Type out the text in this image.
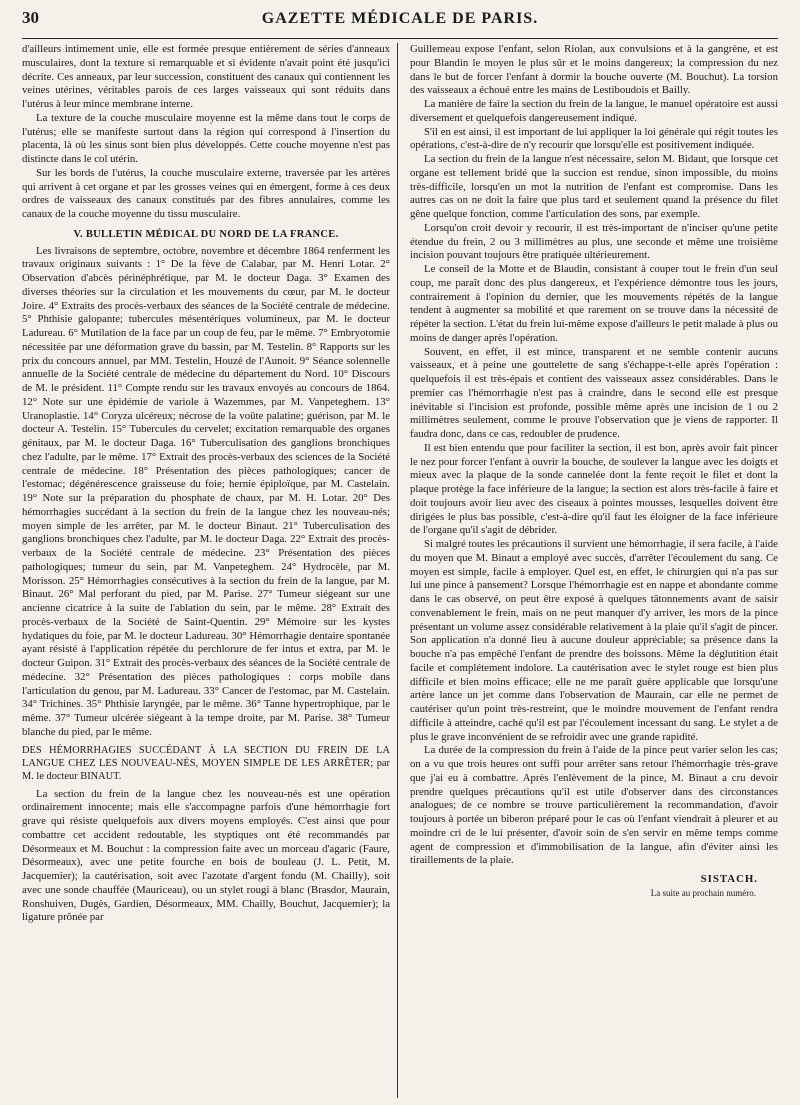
30	GAZETTE MÉDICALE DE PARIS.

d'ailleurs intimement unie, elle est formée presque entièrement de séries d'anneaux musculaires, dont la texture si remarquable et si évidente n'avait point été jusqu'ici décrite. Ces anneaux, par leur succession, constituent des canaux qui contiennent les veines utérines, véritables parois de ces larges vaisseaux qui sont réduits dans l'utérus à leur mince membrane interne.

La texture de la couche musculaire moyenne est la même dans tout le corps de l'utérus; elle se manifeste surtout dans la région qui correspond à l'insertion du placenta, là où les sinus sont bien plus développés. Cette couche moyenne n'est pas distincte dans le col utérin.

Sur les bords de l'utérus, la couche musculaire externe, traversée par les artères qui arrivent à cet organe et par les grosses veines qui en émergent, forme à ces deux ordres de vaisseaux des canaux constitués par des fibres annulaires, comme les canaux de la couche moyenne du tissu musculaire.

V. BULLETIN MÉDICAL DU NORD DE LA FRANCE.

Les livraisons de septembre, octobre, novembre et décembre 1864 renferment les travaux originaux suivants : 1° De la fève de Calabar, par M. Henri Lotar. 2° Observation d'abcès périnéphrétique, par M. le docteur Daga. 3° Examen des diverses théories sur la circulation et les mouvements du cœur, par M. le docteur Joire. 4° Extraits des procès-verbaux des séances de la Société centrale de médecine. 5° Phthisie galopante; tubercules mésentériques volumineux, par M. le docteur Ladureau. 6° Mutilation de la face par un coup de feu, par le même. 7° Embryotomie nécessitée par une déformation grave du bassin, par M. Testelin. 8° Rapports sur les prix du concours annuel, par MM. Testelin, Houzé de l'Aunoit. 9° Séance solennelle annuelle de la Société centrale de médecine du département du Nord. 10° Discours de M. le président. 11° Compte rendu sur les travaux envoyés au concours de 1864. 12° Note sur une épidémie de variole à Wazemmes, par M. Vanpeteghem. 13° Uranoplastie. 14° Coryza ulcéreux; nécrose de la voûte palatine; guérison, par M. le docteur A. Testelin. 15° Tubercules du cervelet; excitation remarquable des organes génitaux, par M. le docteur Daga. 16° Tuberculisation des ganglions bronchiques chez l'adulte, par le même. 17° Extrait des procès-verbaux des sciences de la Société centrale de médecine. 18° Présentation des pièces pathologiques; cancer de l'estomac; dégénérescence graisseuse du foie; hernie épiploïque, par M. Castelain. 19° Note sur la préparation du phosphate de chaux, par M. H. Lotar. 20° Des hémorrhagies succédant à la section du frein de la langue chez les nouveau-nés; moyen simple de les arrêter, par M. le docteur Binaut. 21° Tuberculisation des ganglions bronchiques chez l'adulte, par M. le docteur Daga. 22° Extrait des procès-verbaux de la Société centrale de médecine. 23° Présentation des pièces pathologiques; tumeur du sein, par M. Vanpeteghem. 24° Hydrocèle, par M. Morisson. 25° Hémorrhagies consécutives à la section du frein de la langue, par M. Binaut. 26° Mal perforant du pied, par M. Parise. 27° Tumeur siégeant sur une ancienne cicatrice à la suite de l'ablation du sein, par le même. 28° Extrait des procès-verbaux de la Société de Saint-Quentin. 29° Mémoire sur les kystes hydatiques du foie, par M. le docteur Ladureau. 30° Hémorrhagie dentaire spontanée ayant résisté à l'application répétée du perchlorure de fer intus et extra, par M. le docteur Guipon. 31° Extrait des procès-verbaux des séances de la Société centrale de médecine. 32° Présentation des pièces pathologiques : corps mobile dans l'articulation du genou, par M. Ladureau. 33° Cancer de l'estomac, par M. Castelain. 34° Trichines. 35° Phthisie laryngée, par le même. 36° Tanne hypertrophique, par le même. 37° Tumeur ulcérée siégeant à la tempe droite, par M. Parise. 38° Tumeur blanche du pied, par le même.

DES HÉMORRHAGIES SUCCÉDANT À LA SECTION DU FREIN DE LA LANGUE CHEZ LES NOUVEAU-NÉS, MOYEN SIMPLE DE LES ARRÊTER; par M. le docteur BINAUT.

La section du frein de la langue chez les nouveau-nés est une opération ordinairement innocente; mais elle s'accompagne parfois d'une hémorrhagie fort grave qui résiste quelquefois aux divers moyens employés. C'est ainsi que pour combattre cet accident redoutable, les styptiques ont été recommandés par Désormeaux et M. Bouchut : la compression faite avec un morceau d'agaric (Faure, Désormeaux), avec une petite fourche en bois de bouleau (J. L. Petit, M. Jacquemier); la cautérisation, soit avec l'azotate d'argent fondu (M. Chailly), soit avec une sonde chauffée (Mauriceau), ou un stylet rougi à blanc (Brasdor, Maurain, Ronshuiven, Dugès, Gardien, Désormeaux, MM. Chailly, Bouchut, Jacquemier); la ligature prônée par

Guillemeau expose l'enfant, selon Riolan, aux convulsions et à la gangrène, et est pour Blandin le moyen le plus sûr et le moins dangereux; la compression du nez dans le but de forcer l'enfant à dormir la bouche ouverte (M. Bouchut). La torsion des vaisseaux a échoué entre les mains de Lestiboudois et Bailly.

La manière de faire la section du frein de la langue, le manuel opératoire est aussi diversement et quelquefois dangereusement indiqué.

S'il en est ainsi, il est important de lui appliquer la loi générale qui régit toutes les opérations, c'est-à-dire de n'y recourir que lorsqu'elle est positivement indiquée.

La section du frein de la langue n'est nécessaire, selon M. Bidaut, que lorsque cet organe est tellement bridé que la succion est rendue, sinon impossible, du moins très-difficile, lorsqu'en un mot la nutrition de l'enfant est compromise. Dans les autres cas on ne doit la faire que plus tard et seulement quand la présence du filet gêne quelque fonction, comme l'articulation des sons, par exemple.

Lorsqu'on croit devoir y recourir, il est très-important de n'inciser qu'une petite étendue du frein, 2 ou 3 millimètres au plus, une seconde et même une troisième incision pouvant toujours être pratiquée ultérieurement.

Le conseil de la Motte et de Blaudin, consistant à couper tout le frein d'un seul coup, me paraît donc des plus dangereux, et l'expérience démontre tous les jours, contrairement à l'opinion du dernier, que les mouvements répétés de la langue tendent à augmenter sa mobilité et que rarement on se trouve dans la nécessité de répéter la section. L'état du frein lui-même expose d'ailleurs le petit malade à plus ou moins de danger après l'opération.

Souvent, en effet, il est mince, transparent et ne semble contenir aucuns vaisseaux, et à peine une gouttelette de sang s'échappe-t-elle après l'opération : quelquefois il est très-épais et contient des vaisseaux assez considérables. Dans le premier cas l'hémorrhagie n'est pas à craindre, dans le second elle est presque inévitable si l'incision est profonde, possible même après une incision de 1 ou 2 millimètres seulement, comme le prouve l'observation que je viens de rapporter. Il faudra donc, dans ce cas, redoubler de prudence.

Il est bien entendu que pour faciliter la section, il est bon, après avoir fait pincer le nez pour forcer l'enfant à ouvrir la bouche, de soulever la langue avec les doigts et mieux avec la plaque de la sonde cannelée dont la fente reçoit le filet et dont la plaque protège la face inférieure de la langue; la section est alors très-facile à faire et doit toujours avoir lieu avec des ciseaux à pointes mousses, lesquelles doivent être dirigées le plus bas possible, c'est-à-dire qu'il faut les éloigner de la face inférieure de l'organe qu'il s'agit de débrider.

Si malgré toutes les précautions il survient une hémorrhagie, il sera facile, à l'aide du moyen que M. Binaut a employé avec succès, d'arrêter l'écoulement du sang. Ce moyen est simple, facile à employer. Quel est, en effet, le chirurgien qui n'a pas sur lui une pince à pansement? Lorsque l'hémorrhagie est en nappe et abondante comme dans le cas observé, on peut être exposé à quelques tâtonnements avant de saisir convenablement le frein, mais on ne peut manquer d'y arriver, les mors de la pince présentant un volume assez considérable relativement à la plaie qu'il s'agit de pincer. Son application n'a donné lieu à aucune douleur appréciable; sa présence dans la bouche n'a pas empêché l'enfant de prendre des boissons. Même la déglutition était facile et complétement indolore. La cautérisation avec le stylet rouge est bien plus difficile et bien moins efficace; elle ne me paraît guère applicable que lorsqu'une artère lance un jet comme dans l'observation de Maurain, car elle ne permet de cautériser qu'un point très-restreint, que le moindre mouvement de l'enfant rendra difficile à atteindre, caché qu'il est par l'écoulement incessant du sang. Le stylet a de plus le grave inconvénient de se refroidir avec une grande rapidité.

La durée de la compression du frein à l'aide de la pince peut varier selon les cas; on a vu que trois heures ont suffi pour arrêter sans retour l'hémorrhagie très-grave que j'ai eu à combattre. Après l'enlèvement de la pince, M. Binaut a cru devoir prendre quelques précautions qu'il est utile d'observer dans des circonstances analogues; de ce nombre se trouve particulièrement la recommandation, d'avoir toujours à portée un biberon préparé pour le cas où l'enfant viendrait à pleurer et au moindre cri de le lui présenter, d'avoir soin de s'en servir en même temps comme agent de compression et d'immobilisation de la langue, afin d'éviter ainsi les tiraillements de la plaie.

SISTACH.
La suite au prochain numéro.
